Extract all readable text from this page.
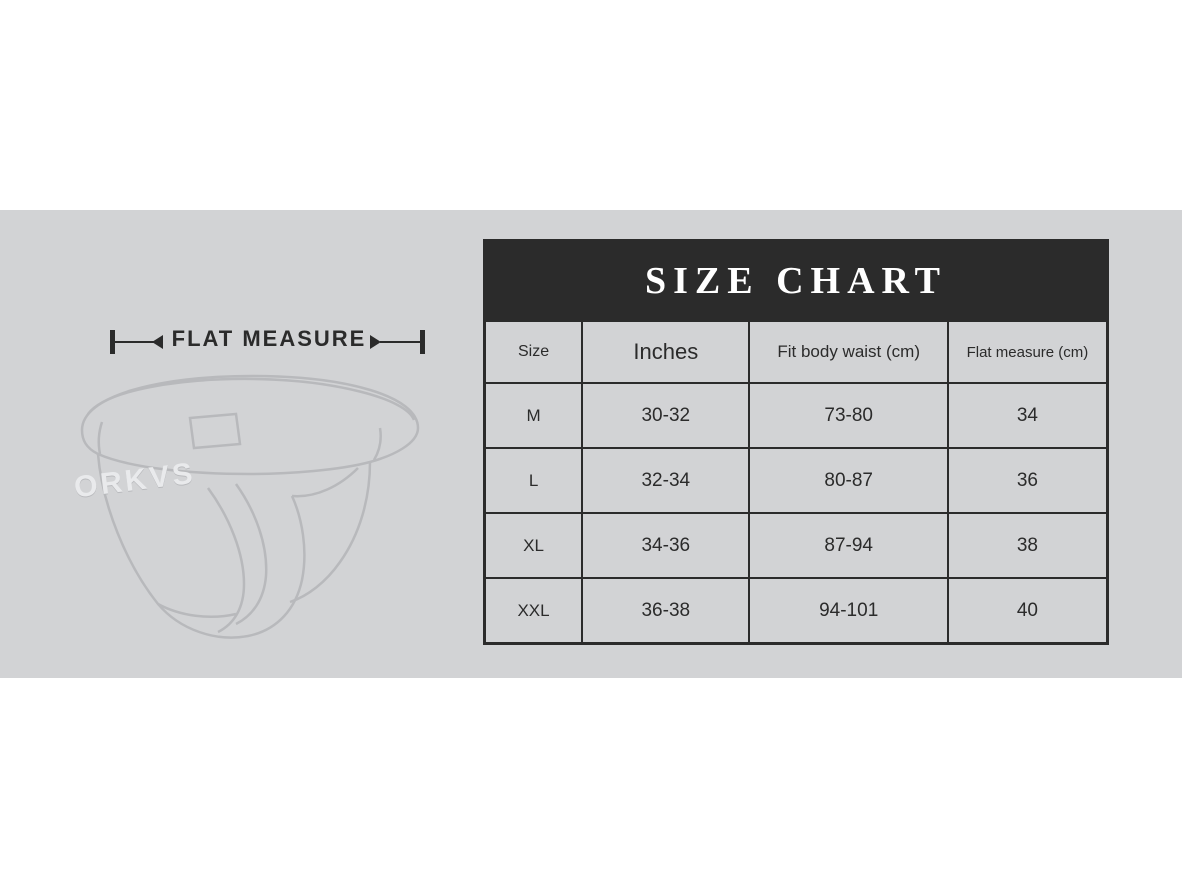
FLAT MEASURE
ORKVS
SIZE CHART
Size	Inches	Fit body waist (cm)	Flat measure (cm)
M	30-32	73-80	34
L	32-34	80-87	36
XL	34-36	87-94	38
XXL	36-38	94-101	40
